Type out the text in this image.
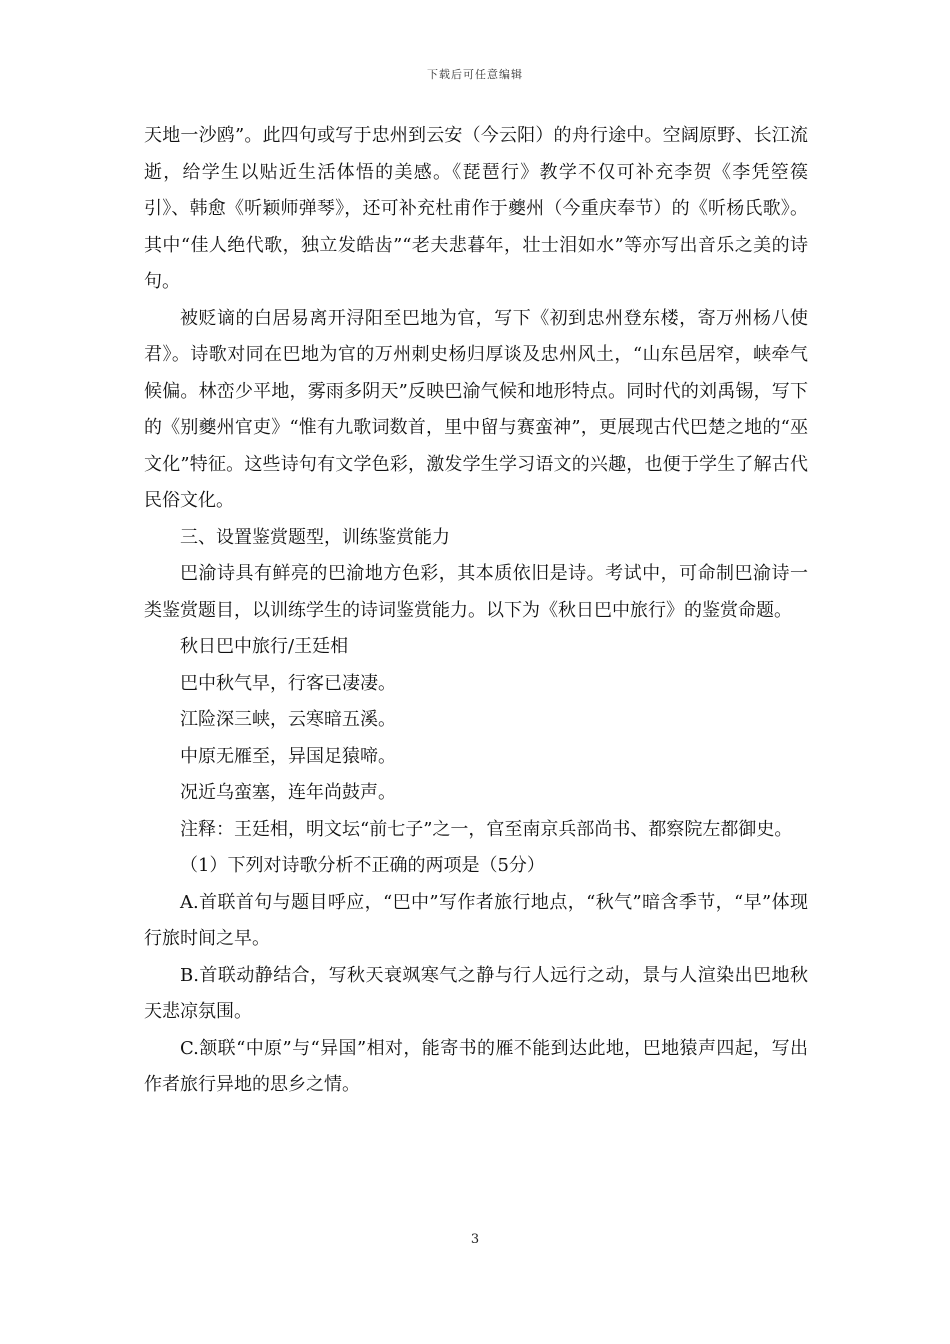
下载后可任意编辑

天地一沙鸥”。此四句或写于忠州到云安（今云阳）的舟行途中。空阔原野、长江流逝，给学生以贴近生活体悟的美感。《琵琶行》教学不仅可补充李贺《李凭箜篌引》、韩愈《听颖师弹琴》，还可补充杜甫作于夔州（今重庆奉节）的《听杨氏歌》。其中“佳人绝代歌，独立发皓齿”“老夫悲暮年，壮士泪如水”等亦写出音乐之美的诗句。

被贬谪的白居易离开浔阳至巴地为官，写下《初到忠州登东楼，寄万州杨八使君》。诗歌对同在巴地为官的万州刺史杨归厚谈及忠州风土，“山东邑居窄，峡牵气候偏。林峦少平地，雾雨多阴天”反映巴渝气候和地形特点。同时代的刘禹锡，写下的《别夔州官吏》“惟有九歌词数首，里中留与赛蛮神”，更展现古代巴楚之地的“巫文化”特征。这些诗句有文学色彩，激发学生学习语文的兴趣，也便于学生了解古代民俗文化。

三、设置鉴赏题型，训练鉴赏能力

巴渝诗具有鲜亮的巴渝地方色彩，其本质依旧是诗。考试中，可命制巴渝诗一类鉴赏题目，以训练学生的诗词鉴赏能力。以下为《秋日巴中旅行》的鉴赏命题。

秋日巴中旅行/王廷相

巴中秋气早，行客已凄凄。

江险深三峡，云寒暗五溪。

中原无雁至，异国足猿啼。

况近乌蛮塞，连年尚鼓声。

注释：王廷相，明文坛“前七子”之一，官至南京兵部尚书、都察院左都御史。

（1）下列对诗歌分析不正确的两项是（5分）

A.首联首句与题目呼应，“巴中”写作者旅行地点，“秋气”暗含季节，“早”体现行旅时间之早。

B.首联动静结合，写秋天衰飒寒气之静与行人远行之动，景与人渲染出巴地秋天悲凉氛围。

C.颔联“中原”与“异国”相对，能寄书的雁不能到达此地，巴地猿声四起，写出作者旅行异地的思乡之情。

3
